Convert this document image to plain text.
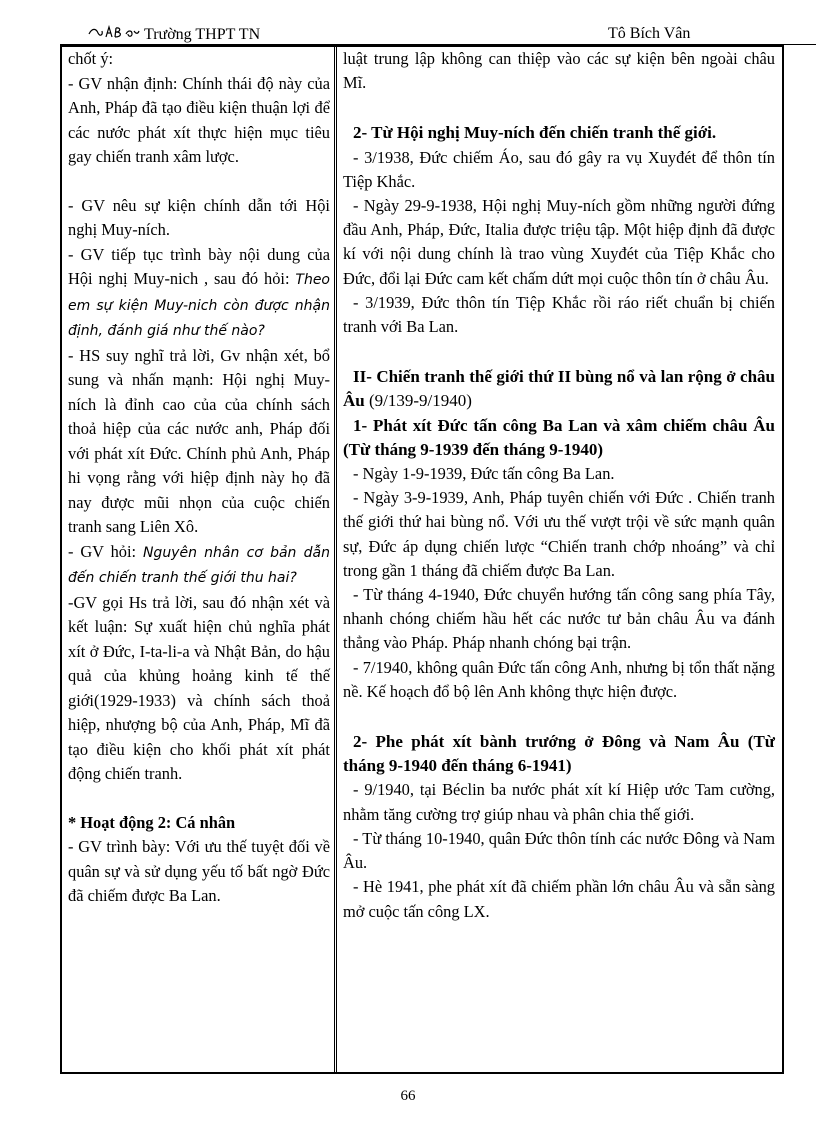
Trường THPT TN	Tô Bích Vân

chốt ý:

- GV nhận định: Chính thái độ này của Anh, Pháp đã tạo điều kiện thuận lợi để các nước phát xít thực hiện mục tiêu gay chiến tranh xâm lược.

- GV nêu sự kiện chính dẫn tới Hội nghị Muy-ních.

- GV tiếp tục trình bày nội dung của Hội nghị Muy-nich , sau đó hỏi: Theo em sự kiện Muy-nich còn được nhận định, đánh giá như thế nào?

- HS suy nghĩ trả lời, Gv nhận xét, bổ sung và nhấn mạnh: Hội nghị Muy-ních là đỉnh cao của của chính sách thoả hiệp của các nước anh, Pháp đối với phát xít Đức. Chính phủ Anh, Pháp hi vọng rằng với hiệp định này họ đã nay được mũi nhọn của cuộc chiến tranh sang Liên Xô.

- GV hỏi: Nguyên nhân cơ bản dẫn đến chiến tranh thế giới thu hai?

-GV gọi Hs trả lời, sau đó nhận xét và kết luận: Sự xuất hiện chủ nghĩa phát xít ở Đức, I-ta-li-a và Nhật Bản, do hậu quả của khủng hoảng kinh tế thế giới(1929-1933) và chính sách thoả hiệp, nhượng bộ của Anh, Pháp, Mĩ đã tạo điều kiện cho khối phát xít phát động chiến tranh.

* Hoạt động 2: Cá nhân

- GV trình bày: Với ưu thế tuyệt đối về quân sự và sử dụng yếu tố bất ngờ Đức đã chiếm được Ba Lan.

luật trung lập không can thiệp vào các sự kiện bên ngoài châu Mĩ.

2- Từ Hội nghị Muy-ních đến chiến tranh thế giới.

- 3/1938, Đức chiếm Áo, sau đó gây ra vụ Xuyđét để thôn tín Tiệp Khắc.

- Ngày 29-9-1938, Hội nghị Muy-ních gồm những người đứng đầu Anh, Pháp, Đức, Italia được triệu tập. Một hiệp định đã được kí với nội dung chính là trao vùng Xuyđét của Tiệp Khắc cho Đức, đổi lại Đức cam kết chấm dứt mọi cuộc thôn tín ở châu Âu.

- 3/1939, Đức thôn tín Tiệp Khắc rồi ráo riết chuẩn bị chiến tranh với Ba Lan.

II- Chiến tranh thế giới thứ II bùng nổ và lan rộng ở châu Âu (9/139-9/1940)

1- Phát xít Đức tấn công Ba Lan và xâm chiếm châu Âu (Từ tháng 9-1939 đến tháng 9-1940)

- Ngày 1-9-1939, Đức tấn công Ba Lan.

- Ngày 3-9-1939, Anh, Pháp tuyên chiến với Đức . Chiến tranh thế giới thứ hai bùng nổ. Với ưu thế vượt trội về sức mạnh quân sự, Đức áp dụng chiến lược “Chiến tranh chớp nhoáng” và chỉ trong gần 1 tháng đã chiếm được Ba Lan.

- Từ tháng 4-1940, Đức chuyển hướng tấn công sang phía Tây, nhanh chóng chiếm hầu hết các nước tư bản châu Âu va đánh thẳng vào Pháp. Pháp nhanh chóng bại trận.

- 7/1940, không quân Đức tấn công Anh, nhưng bị tổn thất nặng nề. Kế hoạch đổ bộ lên Anh không thực hiện được.

2- Phe phát xít bành trướng ở Đông và Nam Âu (Từ tháng 9-1940 đến tháng 6-1941)

- 9/1940, tại Béclin ba nước phát xít kí Hiệp ước Tam cường, nhằm tăng cường trợ giúp nhau và phân chia thế giới.

- Từ tháng 10-1940, quân Đức thôn tính các nước Đông và Nam Âu.

- Hè 1941, phe phát xít đã chiếm phần lớn châu Âu và sẵn sàng mở cuộc tấn công LX.

66
